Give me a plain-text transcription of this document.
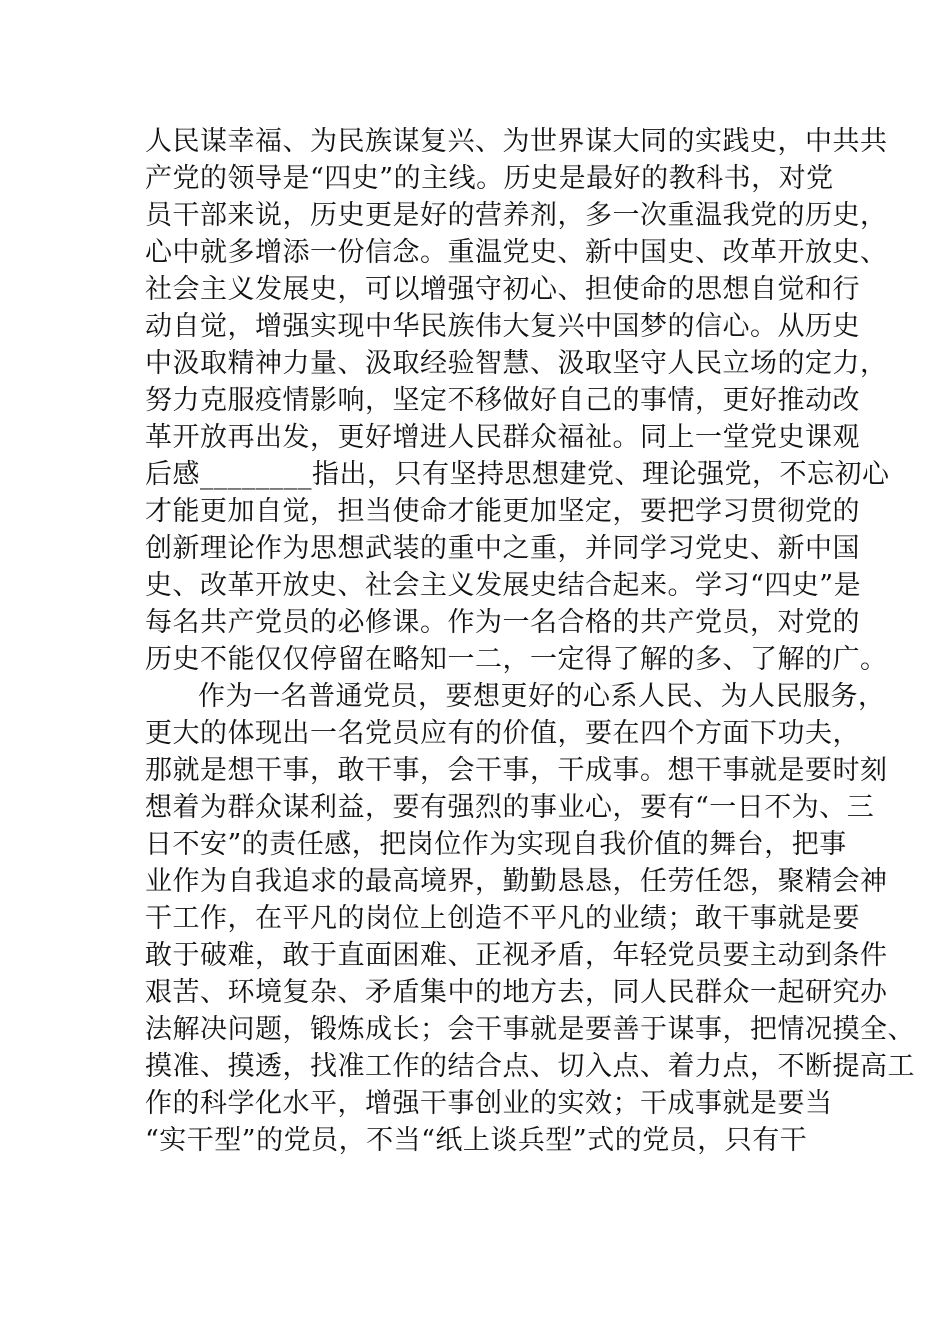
人民谋幸福、为民族谋复兴、为世界谋大同的实践史，中共共
产党的领导是“四史”的主线。历史是最好的教科书，对党
员干部来说，历史更是好的营养剂，多一次重温我党的历史，
心中就多增添一份信念。重温党史、新中国史、改革开放史、
社会主义发展史，可以增强守初心、担使命的思想自觉和行
动自觉，增强实现中华民族伟大复兴中国梦的信心。从历史
中汲取精神力量、汲取经验智慧、汲取坚守人民立场的定力，
努力克服疫情影响，坚定不移做好自己的事情，更好推动改
革开放再出发，更好增进人民群众福祉。同上一堂党史课观
后感________指出，只有坚持思想建党、理论强党，不忘初心
才能更加自觉，担当使命才能更加坚定，要把学习贯彻党的
创新理论作为思想武装的重中之重，并同学习党史、新中国
史、改革开放史、社会主义发展史结合起来。学习“四史”是
每名共产党员的必修课。作为一名合格的共产党员，对党的
历史不能仅仅停留在略知一二，一定得了解的多、了解的广。
作为一名普通党员，要想更好的心系人民、为人民服务，
更大的体现出一名党员应有的价值，要在四个方面下功夫，
那就是想干事，敢干事，会干事，干成事。想干事就是要时刻
想着为群众谋利益，要有强烈的事业心，要有“一日不为、三
日不安”的责任感，把岗位作为实现自我价值的舞台，把事
业作为自我追求的最高境界，勤勤恳恳，任劳任怨，聚精会神
干工作，在平凡的岗位上创造不平凡的业绩；敢干事就是要
敢于破难，敢于直面困难、正视矛盾，年轻党员要主动到条件
艰苦、环境复杂、矛盾集中的地方去，同人民群众一起研究办
法解决问题，锻炼成长；会干事就是要善于谋事，把情况摸全、
摸准、摸透，找准工作的结合点、切入点、着力点，不断提高工
作的科学化水平，增强干事创业的实效；干成事就是要当
“实干型”的党员，不当“纸上谈兵型”式的党员，只有干
